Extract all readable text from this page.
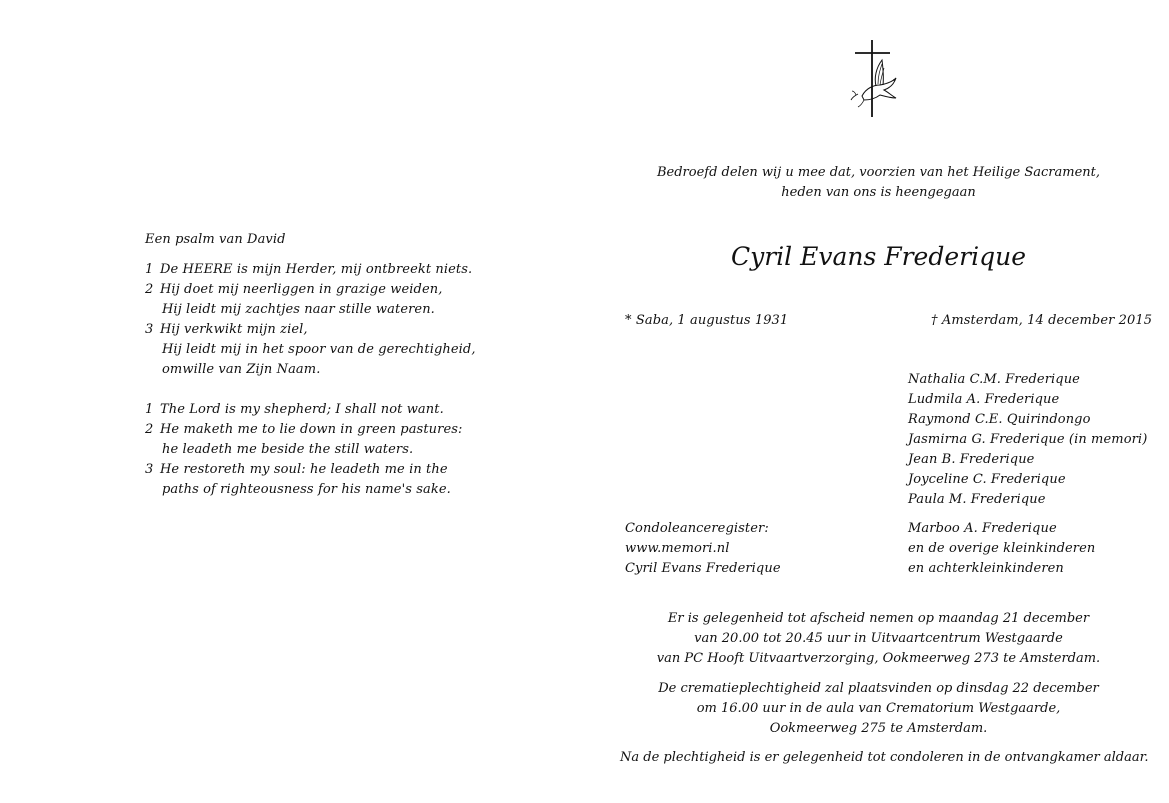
Een psalm van David
1 De HEERE is mijn Herder, mij ontbreekt niets.
2 Hij doet mij neerliggen in grazige weiden,
Hij leidt mij zachtjes naar stille wateren.
3 Hij verkwikt mijn ziel,
Hij leidt mij in het spoor van de gerechtigheid,
omwille van Zijn Naam.
1 The Lord is my shepherd; I shall not want.
2 He maketh me to lie down in green pastures:
he leadeth me beside the still waters.
3 He restoreth my soul: he leadeth me in the
paths of righteousness for his name's sake.
Bedroefd delen wij u mee dat, voorzien van het Heilige Sacrament,
heden van ons is heengegaan
Cyril Evans Frederique
* Saba, 1 augustus 1931	† Amsterdam, 14 december 2015
Nathalia C.M. Frederique
Ludmila A. Frederique
Raymond C.E. Quirindongo
Jasmirna G. Frederique (in memori)
Jean B. Frederique
Joyceline C. Frederique
Paula M. Frederique
Marboo A. Frederique
en de overige kleinkinderen
en achterkleinkinderen
Condoleanceregister:
www.memori.nl
Cyril Evans Frederique
Er is gelegenheid tot afscheid nemen op maandag 21 december
van 20.00 tot 20.45 uur in Uitvaartcentrum Westgaarde
van PC Hooft Uitvaartverzorging, Ookmeerweg 273 te Amsterdam.
De crematieplechtigheid zal plaatsvinden op dinsdag 22 december
om 16.00 uur in de aula van Crematorium Westgaarde,
Ookmeerweg 275 te Amsterdam.
Na de plechtigheid is er gelegenheid tot condoleren in de ontvangkamer aldaar.
